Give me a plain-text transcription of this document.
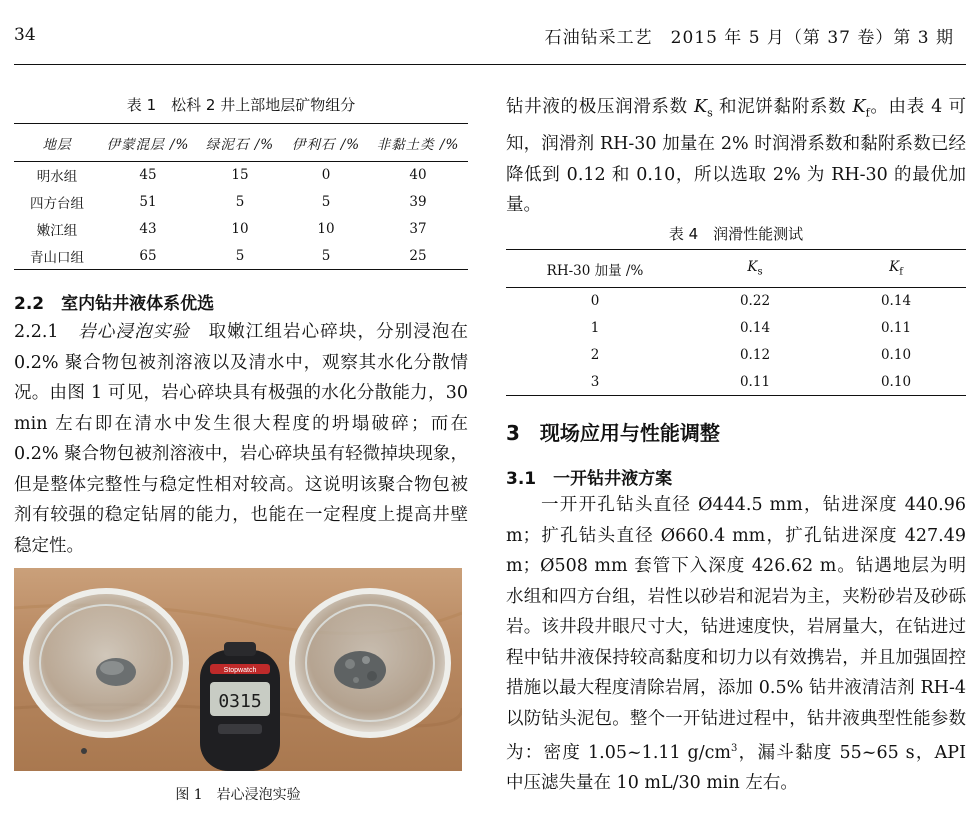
34	石油钻采工艺　2015 年 5 月（第 37 卷）第 3 期
表 1　松科 2 井上部地层矿物组分
地层	伊蒙混层 /%	绿泥石 /%	伊利石 /%	非黏土类 /%
明水组	45	15	0	40
四方台组	51	5	5	39
嫩江组	43	10	10	37
青山口组	65	5	5	25
2.2　室内钻井液体系优选

2.2.1　 岩心浸泡实验　 取嫩江组岩心碎块，分别浸泡在 0.2% 聚合物包被剂溶液以及清水中，观察其水化分散情况。由图 1 可见，岩心碎块具有极强的水化分散能力，30 min 左右即在清水中发生很大程度的坍塌破碎；而在 0.2% 聚合物包被剂溶液中，岩心碎块虽有轻微掉块现象，但是整体完整性与稳定性相对较高。这说明该聚合物包被剂有较强的稳定钻屑的能力，也能在一定程度上提高井壁稳定性。

Stopwatch
0315
图 1　岩心浸泡实验

钻井液的极压润滑系数 $K_s$ 和泥饼黏附系数 $K_f$。由表 4 可知，润滑剂 RH-30 加量在 2% 时润滑系数和黏附系数已经降低到 0.12 和 0.10，所以选取 2% 为 RH-30 的最优加量。

表 4　润滑性能测试
RH-30 加量 /%	$K_s$	$K_f$
0	0.22	0.14
1	0.14	0.11
2	0.12	0.10
3	0.11	0.10
3　现场应用与性能调整
3.1　一开钻井液方案

一开开孔钻头直径 Ø444.5 mm，钻进深度 440.96 m；扩孔钻头直径 Ø660.4 mm，扩孔钻进深度 427.49 m；Ø508 mm 套管下入深度 426.62 m。钻遇地层为明水组和四方台组，岩性以砂岩和泥岩为主，夹粉砂岩及砂砾岩。该井段井眼尺寸大，钻进速度快，岩屑量大，在钻进过程中钻井液保持较高黏度和切力以有效携岩，并且加强固控措施以最大程度清除岩屑，添加 0.5% 钻井液清洁剂 RH-4 以防钻头泥包。整个一开钻进过程中，钻井液典型性能参数为：密度 1.05~1.11 $g/cm^3$，漏斗黏度 55~65 s，API 中压滤失量在 10 mL/30 min 左右。
